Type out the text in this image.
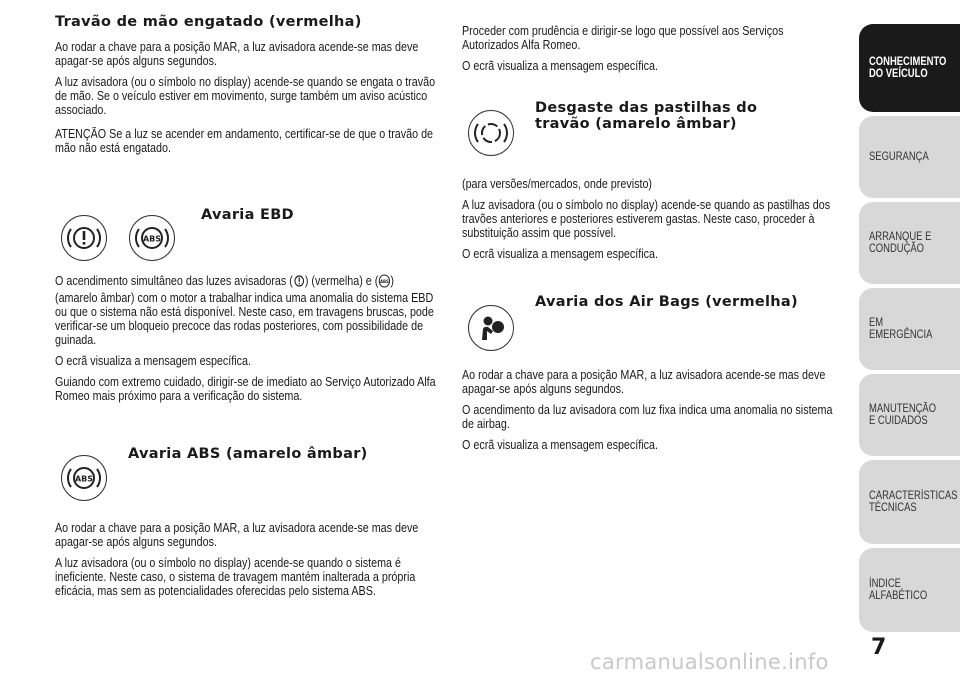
Travão de mão engatado (vermelha)

Ao rodar a chave para a posição MAR, a luz avisadora acende-se mas deve apagar-se após alguns segundos.

A luz avisadora (ou o símbolo no display) acende-se quando se engata o travão de mão. Se o veículo estiver em movimento, surge também um aviso acústico associado.

ATENÇÃO Se a luz se acender em andamento, certificar-se de que o travão de mão não está engatado.

ABS
Avaria EBD

O acendimento simultâneo das luzes avisadoras ( ) (vermelha) e ( ABS ) (amarelo âmbar) com o motor a trabalhar indica uma anomalia do sistema EBD ou que o sistema não está disponível. Neste caso, em travagens bruscas, pode verificar-se um bloqueio precoce das rodas posteriores, com possibilidade de guinada.

O ecrã visualiza a mensagem específica.

Guiando com extremo cuidado, dirigir-se de imediato ao Serviço Autorizado Alfa Romeo mais próximo para a verificação do sistema.

ABS
Avaria ABS (amarelo âmbar)

Ao rodar a chave para a posição MAR, a luz avisadora acende-se mas deve apagar-se após alguns segundos.

A luz avisadora (ou o símbolo no display) acende-se quando o sistema é ineficiente. Neste caso, o sistema de travagem mantém inalterada a própria eficácia, mas sem as potencialidades oferecidas pelo sistema ABS.

Proceder com prudência e dirigir-se logo que possível aos Serviços Autorizados Alfa Romeo.

O ecrã visualiza a mensagem específica.

Desgaste das pastilhas do
travão (amarelo âmbar)

(para versões/mercados, onde previsto)

A luz avisadora (ou o símbolo no display) acende-se quando as pastilhas dos travões anteriores e posteriores estiverem gastas. Neste caso, proceder à substituição assim que possível.

O ecrã visualiza a mensagem específica.

Avaria dos Air Bags (vermelha)

Ao rodar a chave para a posição MAR, a luz avisadora acende-se mas deve apagar-se após alguns segundos.

O acendimento da luz avisadora com luz fixa indica uma anomalia no sistema de airbag.

O ecrã visualiza a mensagem específica.

CONHECIMENTO DO VEÍCULO
SEGURANÇA
ARRANQUE E CONDUÇÃO
EM EMERGÊNCIA
MANUTENÇÃO E CUIDADOS
CARACTERÍSTICAS TÉCNICAS
ÍNDICE ALFABÉTICO
7
carmanualsonline.info
